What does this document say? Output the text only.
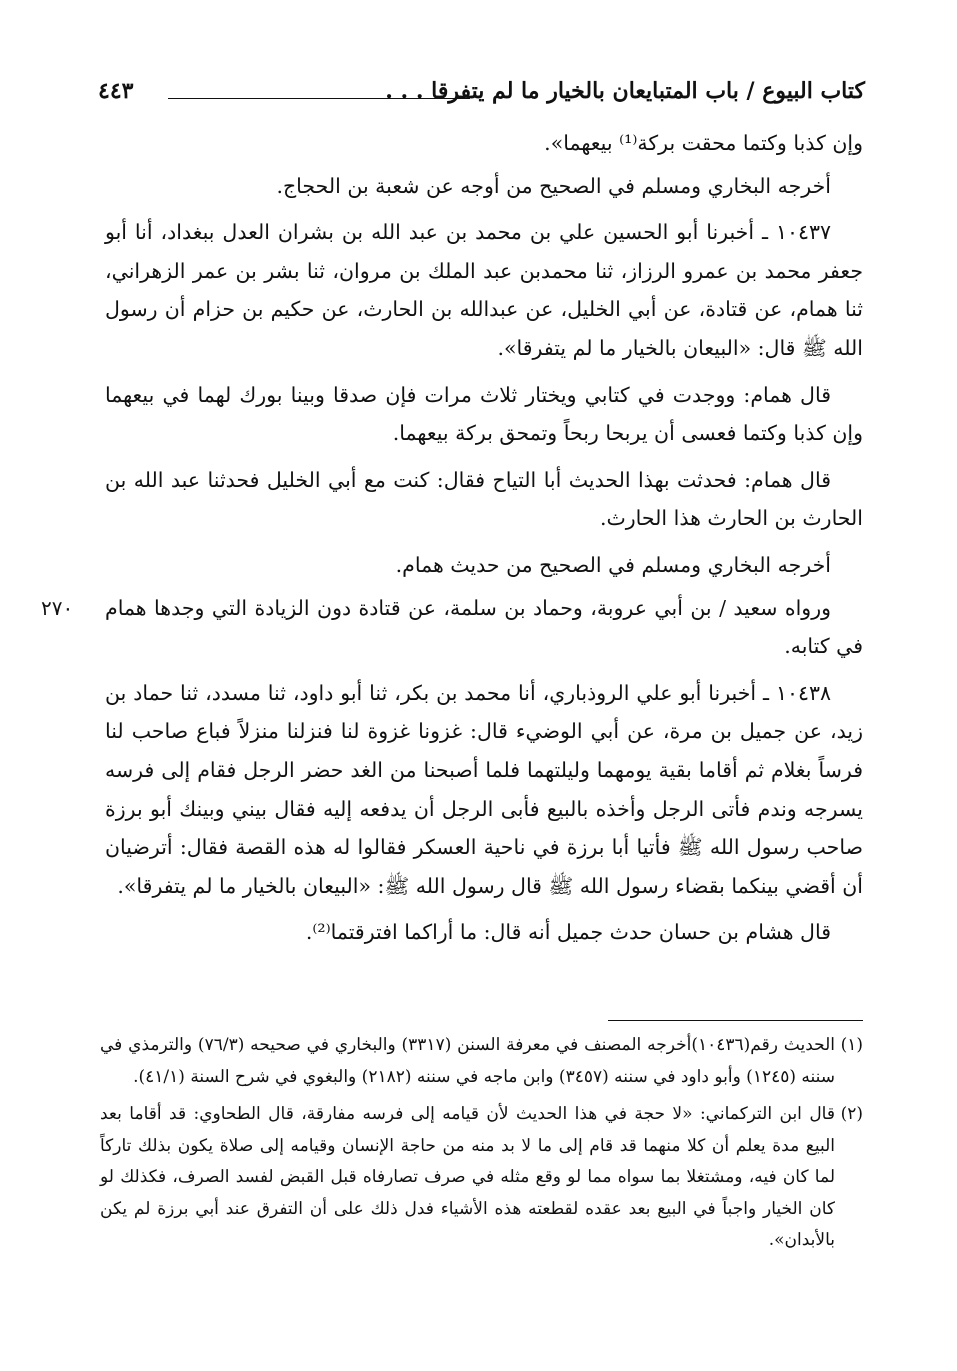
كتاب البيوع / باب المتبايعان بالخيار ما لم يتفرقا . . .
٤٤٣

وإن كذبا وكتما محقت بركة⁽¹⁾ بيعهما».

أخرجه البخاري ومسلم في الصحيح من أوجه عن شعبة بن الحجاج.

١٠٤٣٧ ـ أخبرنا أبو الحسين علي بن محمد بن عبد الله بن بشران العدل ببغداد، أنا أبو جعفر محمد بن عمرو الرزاز، ثنا محمدبن عبد الملك بن مروان، ثنا بشر بن عمر الزهراني، ثنا همام، عن قتادة، عن أبي الخليل، عن عبدالله بن الحارث، عن حكيم بن حزام أن رسول الله ﷺ قال: «البيعان بالخيار ما لم يتفرقا».

قال همام: ووجدت في كتابي ويختار ثلاث مرات فإن صدقا وبينا بورك لهما في بيعهما وإن كذبا وكتما فعسى أن يربحا ربحاً وتمحق بركة بيعهما.

قال همام: فحدثت بهذا الحديث أبا التياح فقال: كنت مع أبي الخليل فحدثنا عبد الله بن الحارث بن الحارث هذا الحارث.

أخرجه البخاري ومسلم في الصحيح من حديث همام.

٢٧٠ ورواه سعيد / بن أبي عروبة، وحماد بن سلمة، عن قتادة دون الزيادة التي وجدها همام في كتابه.

١٠٤٣٨ ـ أخبرنا أبو علي الروذباري، أنا محمد بن بكر، ثنا أبو داود، ثنا مسدد، ثنا حماد بن زيد، عن جميل بن مرة، عن أبي الوضيء قال: غزونا غزوة لنا فنزلنا منزلاً فباع صاحب لنا فرساً بغلام ثم أقاما بقية يومهما وليلتهما فلما أصبحنا من الغد حضر الرجل فقام إلى فرسه يسرجه وندم فأتى الرجل وأخذه بالبيع فأبى الرجل أن يدفعه إليه فقال بيني وبينك أبو برزة صاحب رسول الله ﷺ فأتيا أبا برزة في ناحية العسكر فقالوا له هذه القصة فقال: أترضيان أن أقضي بينكما بقضاء رسول الله ﷺ قال رسول الله ﷺ: «البيعان بالخيار ما لم يتفرقا».

قال هشام بن حسان حدث جميل أنه قال: ما أراكما افترقتما⁽²⁾.

(١)الحديث رقم(١٠٤٣٦)أخرجه المصنف في معرفة السنن (٣٣١٧) والبخاري في صحيحه (٧٦/٣) والترمذي في سننه (١٢٤٥) وأبو داود في سننه (٣٤٥٧) وابن ماجه في سننه (٢١٨٢) والبغوي في شرح السنة (٤١/١).

(٢)قال ابن التركماني: «لا حجة في هذا الحديث لأن قيامه إلى فرسه مفارقة، قال الطحاوي: قد أقاما بعد البيع مدة يعلم أن كلا منهما قد قام إلى ما لا بد منه من حاجة الإنسان وقيامه إلى صلاة يكون بذلك تاركاً لما كان فيه، ومشتغلا بما سواه مما لو وقع مثله في صرف تصارفاه قبل القبض لفسد الصرف، فكذلك لو كان الخيار واجباً في البيع بعد عقده لقطعته هذه الأشياء فدل ذلك على أن التفرق عند أبي برزة لم يكن بالأبدان».
